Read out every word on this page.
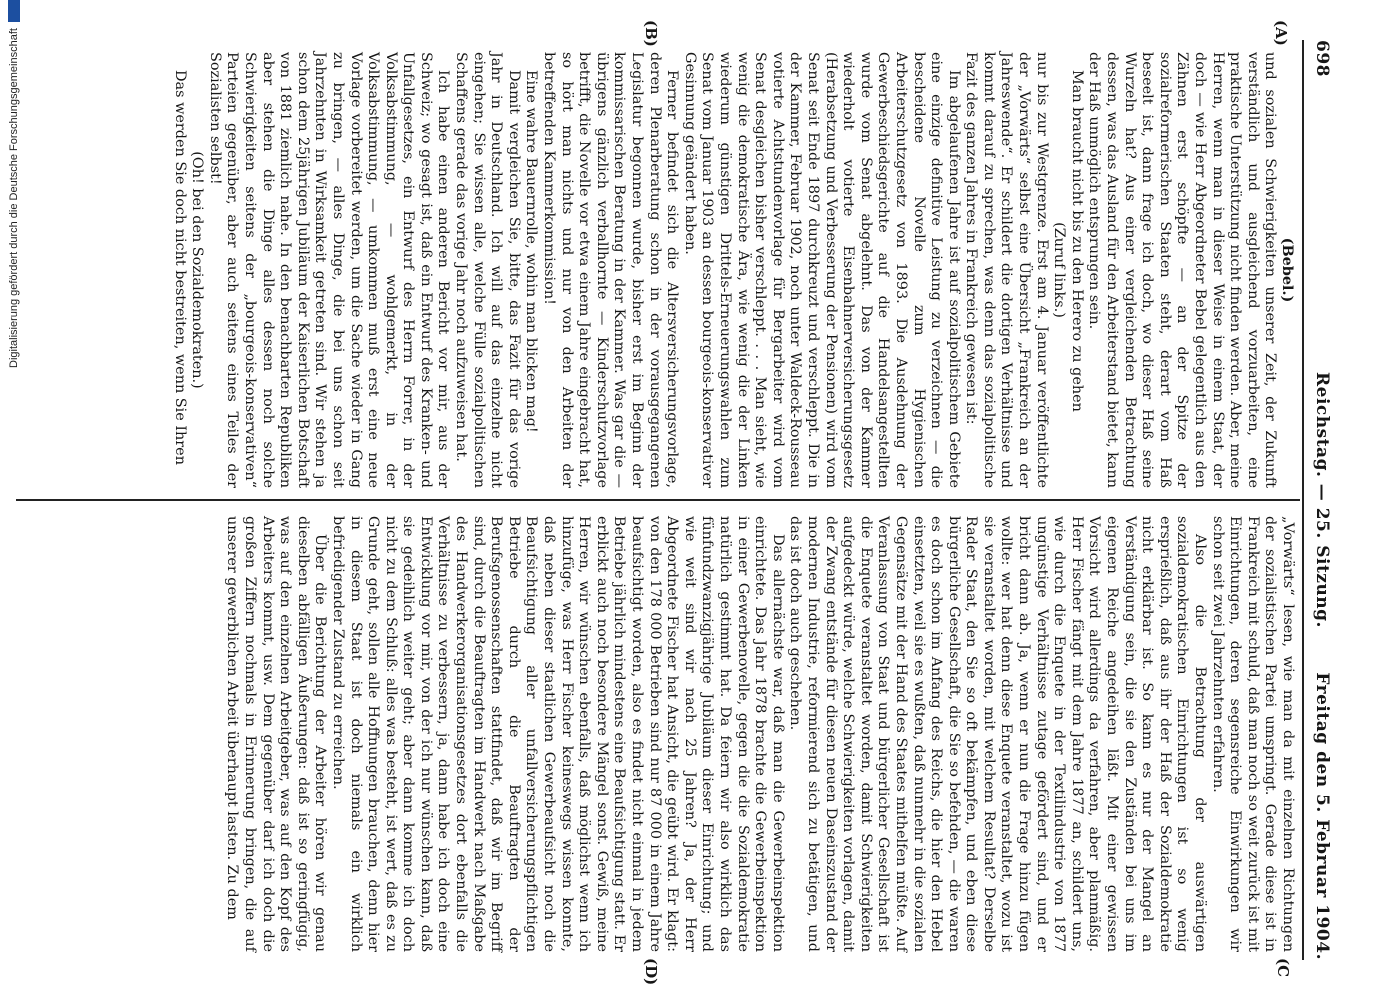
698
Reichstag. — 25. Sitzung.
Freitag den 5. Februar 1904.
(A)
(B)
(C
(D)

(Bebel.)

und sozialen Schwierigkeiten unserer Zeit, der Zukunft verständlich und ausgleichend vorzuarbeiten, eine praktische Unterstützung nicht finden werden. Aber, meine Herren, wenn man in dieser Weise in einem Staat, der doch — wie Herr Abgeordneter Bebel gelegentlich aus den Zähnen erst schöpfte — an der Spitze der sozialreformerischen Staaten steht, derart vom Haß beseelt ist, dann frage ich doch, wo dieser Haß seine Wurzeln hat? Aus einer vergleichenden Betrachtung dessen, was das Ausland für den Arbeiterstand bietet, kann der Haß unmöglich entsprungen sein.

Man braucht nicht bis zu den Herero zu gehen

(Zuruf links.)

nur bis zur Westgrenze. Erst am 4. Januar veröffentlichte der „Vorwärts“ selbst eine Übersicht „Frankreich an der Jahreswende“. Er schildert die dortigen Verhältnisse und kommt darauf zu sprechen, was denn das sozialpolitische Fazit des ganzen Jahres in Frankreich gewesen ist:

Im abgelaufenen Jahre ist auf sozialpolitischem Gebiete eine einzige definitive Leistung zu verzeichnen — die bescheidene Novelle zum Hygienischen Arbeiterschutzgesetz von 1893. Die Ausdehnung der Gewerbeschiedsgerichte auf die Handelsangestellten wurde vom Senat abgelehnt. Das von der Kammer wiederholt votierte Eisenbahnerversicherungsgesetz (Herabsetzung und Verbesserung der Pensionen) wird vom Senat seit Ende 1897 durchkreuzt und verschleppt. Die in der Kammer, Februar 1902, noch unter Waldeck-Rousseau votierte Achtstundenvorlage für Bergarbeiter wird vom Senat desgleichen bisher verschleppt. . . . Man sieht, wie wenig die demokratische Ära, wie wenig die der Linken wiederum günstigen Drittels-Erneuerungswahlen zum Senat vom Januar 1903 an dessen bourgeois-konservativer Gesinnung geändert haben.

Ferner befindet sich die Altersversicherungsvorlage, deren Plenarberatung schon in der vorausgegangenen Legislatur begonnen wurde, bisher erst im Beginn der kommissarischen Beratung in der Kammer. Was gar die — übrigens gänzlich verballhornte — Kinderschutzvorlage betrifft, die Novelle vor etwa einem Jahre eingebracht hat, so hört man nichts und nur von den Arbeiten der betreffenden Kammerkommission!

Eine wahre Bauernrolle, wohin man blicken mag!

Damit vergleichen Sie, bitte, das Fazit für das vorige Jahr in Deutschland. Ich will auf das einzelne nicht eingehen; Sie wissen alle, welche Fülle sozialpolitischen Schaffens gerade das vorige Jahr noch aufzuweisen hat.

Ich habe einen anderen Bericht vor mir, aus der Schweiz; wo gesagt ist, daß ein Entwurf des Kranken- und Unfallgesetzes, ein Entwurf des Herrn Forrer, in der Volksabstimmung, — wohlgemerkt, in der Volksabstimmung, — umkommen muß erst eine neue Vorlage vorbereitet werden, um die Sache wieder in Gang zu bringen, — alles Dinge, die bei uns schon seit Jahrzehnten in Wirksamkeit getreten sind. Wir stehen ja schon dem 25jährigen Jubiläum der Kaiserlichen Botschaft von 1881 ziemlich nahe. In den benachbarten Republiken aber stehen die Dinge alles dessen noch solche Schwierigkeiten seitens der „bourgeois-konservativen“ Parteien gegenüber, aber auch seitens eines Teiles der Sozialisten selbst!

(Oh! bei den Sozialdemokraten.)

Das werden Sie doch nicht bestreiten, wenn Sie Ihren

„Vorwärts“ lesen, wie man da mit einzelnen Richtungen der sozialistischen Partei umspringt. Gerade diese ist in Frankreich mit schuld, daß man noch so weit zurück ist mit Einrichtungen, deren segensreiche Einwirkungen wir schon seit zwei Jahrzehnten erfahren.

Also die Betrachtung der auswärtigen sozialdemokratischen Einrichtungen ist so wenig ersprießlich, daß aus ihr der Haß der Sozialdemokratie nicht erklärbar ist. So kann es nur der Mangel an Verständigung sein, die sie den Zuständen bei uns im eigenen Reiche angedeihen läßt. Mit einer gewissen Vorsicht wird allerdings da verfahren, aber planmäßig. Herr Fischer fängt mit dem Jahre 1877 an, schildert uns, wie durch die Enquete in der Textilindustrie von 1877 ungünstige Verhältnisse zutage gefördert sind, und er bricht dann ab. Ja, wenn er nun die Frage hinzu fügen wollte: wer hat denn diese Enquete veranstaltet, wozu ist sie veranstaltet worden, mit welchem Resultat? Derselbe Rader Staat, den Sie so oft bekämpfen, und eben diese bürgerliche Gesellschaft, die Sie so befehden, — die waren es doch schon im Anfang des Reichs, die hier den Hebel einsetzten, weil sie es wußten, daß nunmehr in die sozialen Gegensätze mit der Hand des Staates mithelfen müßte. Auf Veranlassung von Staat und bürgerlicher Gesellschaft ist die Enquete veranstaltet worden, damit Schwierigkeiten aufgedeckt würde, welche Schwierigkeiten vorlagen, damit der Zwang entstände für diesen neuen Daseinszustand der modernen Industrie, reformierend sich zu betätigen, und das ist doch auch geschehen.

Das allernächste war, daß man die Gewerbeinspektion einrichtete. Das Jahr 1878 brachte die Gewerbeinspektion in einer Gewerbenovelle, gegen die die Sozialdemokratie natürlich gestimmt hat. Da feiern wir also wirklich das fünfundzwanzigjährige Jubiläum dieser Einrichtung; und wie weit sind wir nach 25 Jahren? Ja, der Herr Abgeordnete Fischer hat Ansicht, die geübt wird. Er klagt: von den 178 000 Betrieben sind nur 87 000 in einem Jahre beaufsichtigt worden, also es findet nicht einmal in jedem Betriebe jährlich mindestens eine Beaufsichtigung statt. Er erblickt auch noch besondere Mängel sonst. Gewiß, meine Herren, wir wünschen ebenfalls, daß möglichst wenn ich hinzufüge, was Herr Fischer keineswegs wissen konnte, daß neben dieser staatlichen Gewerbeaufsicht noch die Beaufsichtigung aller unfallversicherungspflichtigen Betriebe durch die Beauftragten der Berufsgenossenschaften stattfindet, daß wir im Begriff sind, durch die Beauftragten im Handwerk nach Maßgabe des Handwerkerorganisationsgesetzes dort ebenfalls die Verhältnisse zu verbessern, ja, dann habe ich doch eine Entwicklung vor mir, von der ich nur wünschen kann, daß sie gedeihlich weiter geht; aber dann komme ich doch nicht zu dem Schluß: alles was besteht, ist wert, daß es zu Grunde geht, sollen alle Hoffnungen brauchen, denn hier in diesem Staat ist doch niemals ein wirklich befriedigender Zustand zu erreichen.

Über die Berichtung der Arbeiter hören wir genau dieselben abfälligen Äußerungen: daß ist so geringfügig, was auf den einzelnen Arbeitgeber, was auf den Kopf des Arbeiters kommt, usw. Dem gegenüber darf ich doch die großen Ziffern nochmals in Erinnerung bringen, die auf unserer gewerblichen Arbeit überhaupt lasten. Zu dem

Digitalisierung gefördert durch die Deutsche Forschungsgemeinschaft
